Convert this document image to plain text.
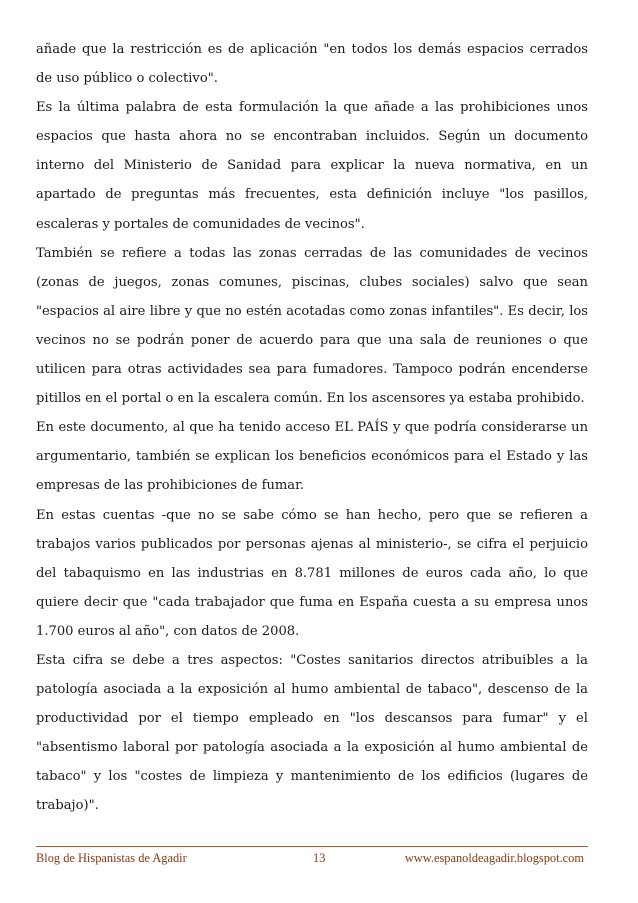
añade que la restricción es de aplicación "en todos los demás espacios cerrados de uso público o colectivo".

Es la última palabra de esta formulación la que añade a las prohibiciones unos espacios que hasta ahora no se encontraban incluidos. Según un documento interno del Ministerio de Sanidad para explicar la nueva normativa, en un apartado de preguntas más frecuentes, esta definición incluye "los pasillos, escaleras y portales de comunidades de vecinos".

También se refiere a todas las zonas cerradas de las comunidades de vecinos (zonas de juegos, zonas comunes, piscinas, clubes sociales) salvo que sean "espacios al aire libre y que no estén acotadas como zonas infantiles". Es decir, los vecinos no se podrán poner de acuerdo para que una sala de reuniones o que utilicen para otras actividades sea para fumadores. Tampoco podrán encenderse pitillos en el portal o en la escalera común. En los ascensores ya estaba prohibido.

En este documento, al que ha tenido acceso EL PAÍS y que podría considerarse un argumentario, también se explican los beneficios económicos para el Estado y las empresas de las prohibiciones de fumar.

En estas cuentas -que no se sabe cómo se han hecho, pero que se refieren a trabajos varios publicados por personas ajenas al ministerio-, se cifra el perjuicio del tabaquismo en las industrias en 8.781 millones de euros cada año, lo que quiere decir que "cada trabajador que fuma en España cuesta a su empresa unos 1.700 euros al año", con datos de 2008.

Esta cifra se debe a tres aspectos: "Costes sanitarios directos atribuibles a la patología asociada a la exposición al humo ambiental de tabaco", descenso de la productividad por el tiempo empleado en "los descansos para fumar" y el "absentismo laboral por patología asociada a la exposición al humo ambiental de tabaco" y los "costes de limpieza y mantenimiento de los edificios (lugares de trabajo)".

Blog de Hispanistas de Agadir	13	www.espanoldeagadir.blogspot.com
